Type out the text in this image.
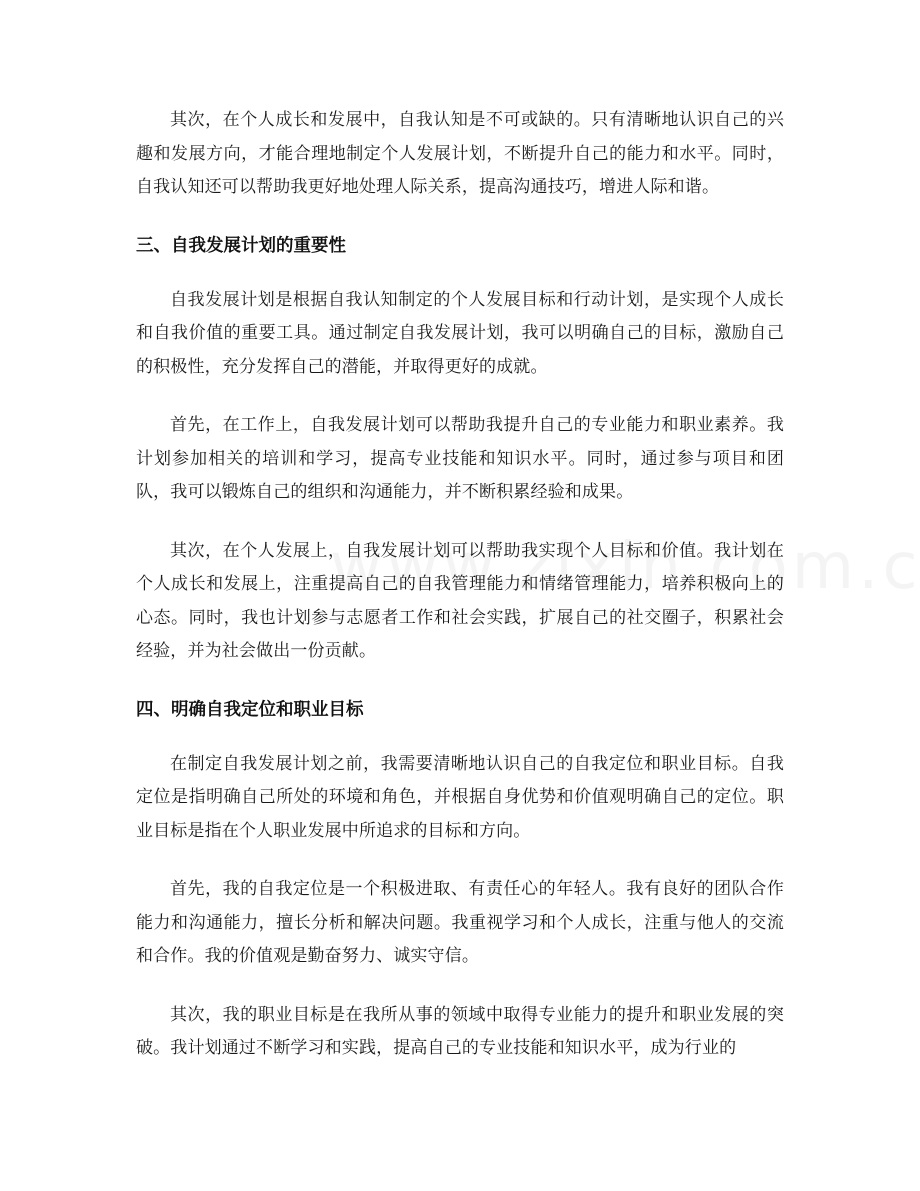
其次，在个人成长和发展中，自我认知是不可或缺的。只有清晰地认识自己的兴趣和发展方向，才能合理地制定个人发展计划，不断提升自己的能力和水平。同时，自我认知还可以帮助我更好地处理人际关系，提高沟通技巧，增进人际和谐。

三、自我发展计划的重要性

自我发展计划是根据自我认知制定的个人发展目标和行动计划，是实现个人成长和自我价值的重要工具。通过制定自我发展计划，我可以明确自己的目标，激励自己的积极性，充分发挥自己的潜能，并取得更好的成就。

首先，在工作上，自我发展计划可以帮助我提升自己的专业能力和职业素养。我计划参加相关的培训和学习，提高专业技能和知识水平。同时，通过参与项目和团队，我可以锻炼自己的组织和沟通能力，并不断积累经验和成果。

其次，在个人发展上，自我发展计划可以帮助我实现个人目标和价值。我计划在个人成长和发展上，注重提高自己的自我管理能力和情绪管理能力，培养积极向上的心态。同时，我也计划参与志愿者工作和社会实践，扩展自己的社交圈子，积累社会经验，并为社会做出一份贡献。

四、明确自我定位和职业目标

在制定自我发展计划之前，我需要清晰地认识自己的自我定位和职业目标。自我定位是指明确自己所处的环境和角色，并根据自身优势和价值观明确自己的定位。职业目标是指在个人职业发展中所追求的目标和方向。

首先，我的自我定位是一个积极进取、有责任心的年轻人。我有良好的团队合作能力和沟通能力，擅长分析和解决问题。我重视学习和个人成长，注重与他人的交流和合作。我的价值观是勤奋努力、诚实守信。

其次，我的职业目标是在我所从事的领域中取得专业能力的提升和职业发展的突破。我计划通过不断学习和实践，提高自己的专业技能和知识水平，成为行业的
